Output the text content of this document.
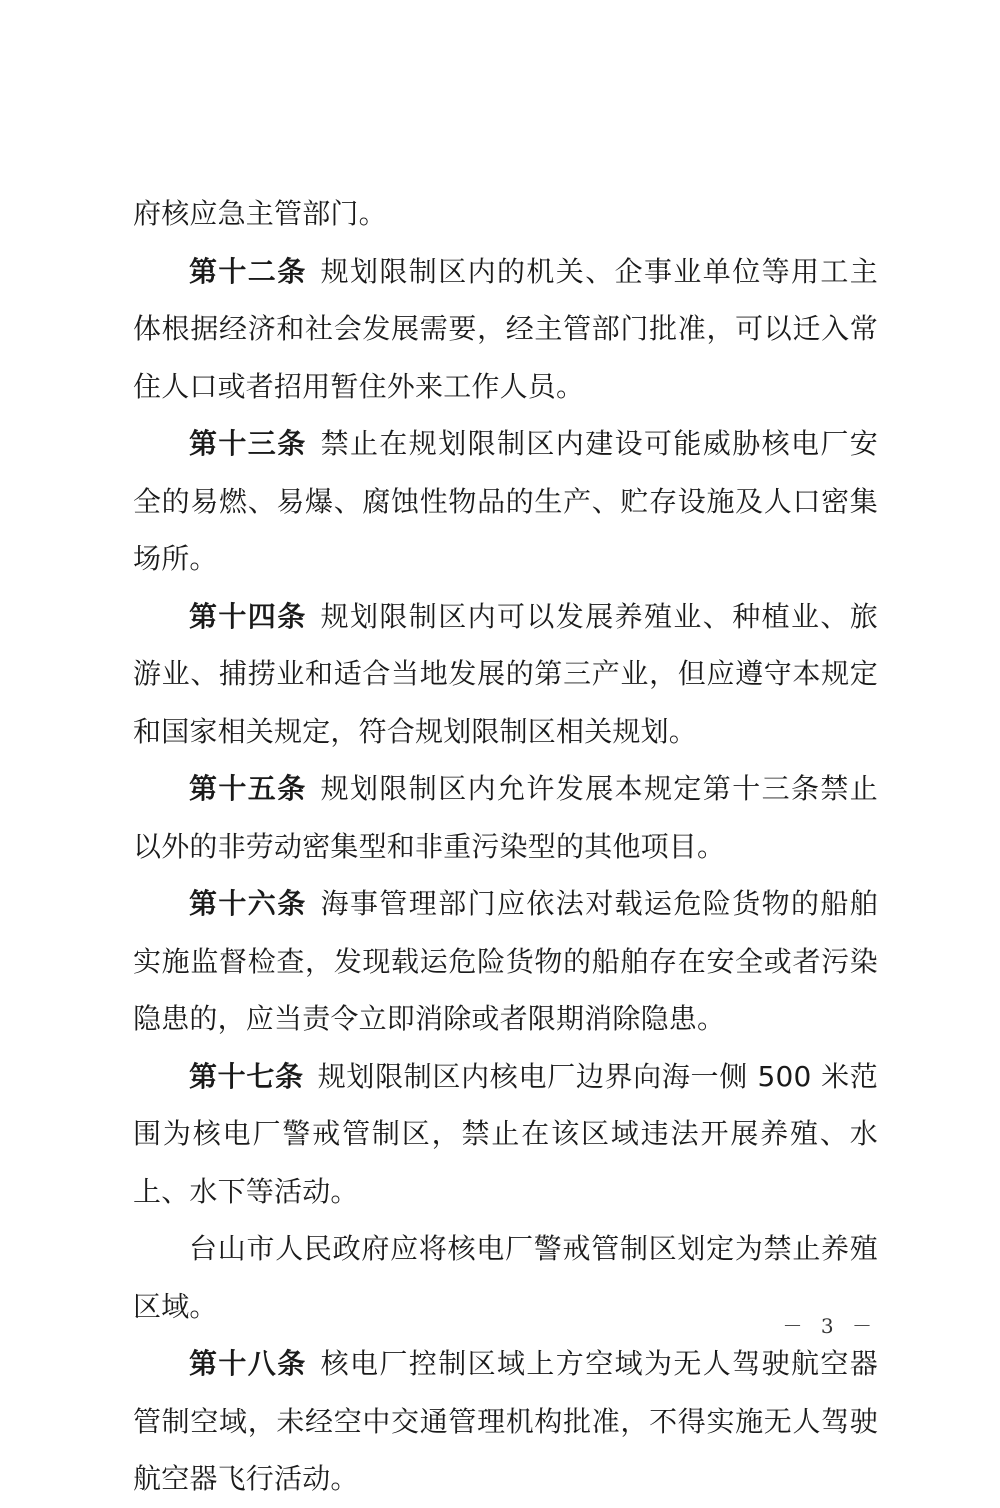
府核应急主管部门。

第十二条 规划限制区内的机关、企事业单位等用工主体根据经济和社会发展需要，经主管部门批准，可以迁入常住人口或者招用暂住外来工作人员。

第十三条 禁止在规划限制区内建设可能威胁核电厂安全的易燃、易爆、腐蚀性物品的生产、贮存设施及人口密集场所。

第十四条 规划限制区内可以发展养殖业、种植业、旅游业、捕捞业和适合当地发展的第三产业，但应遵守本规定和国家相关规定，符合规划限制区相关规划。

第十五条 规划限制区内允许发展本规定第十三条禁止以外的非劳动密集型和非重污染型的其他项目。

第十六条 海事管理部门应依法对载运危险货物的船舶实施监督检查，发现载运危险货物的船舶存在安全或者污染隐患的，应当责令立即消除或者限期消除隐患。

第十七条 规划限制区内核电厂边界向海一侧 500 米范围为核电厂警戒管制区，禁止在该区域违法开展养殖、水上、水下等活动。

台山市人民政府应将核电厂警戒管制区划定为禁止养殖区域。

第十八条 核电厂控制区域上方空域为无人驾驶航空器管制空域，未经空中交通管理机构批准，不得实施无人驾驶航空器飞行活动。

－ 3 －
